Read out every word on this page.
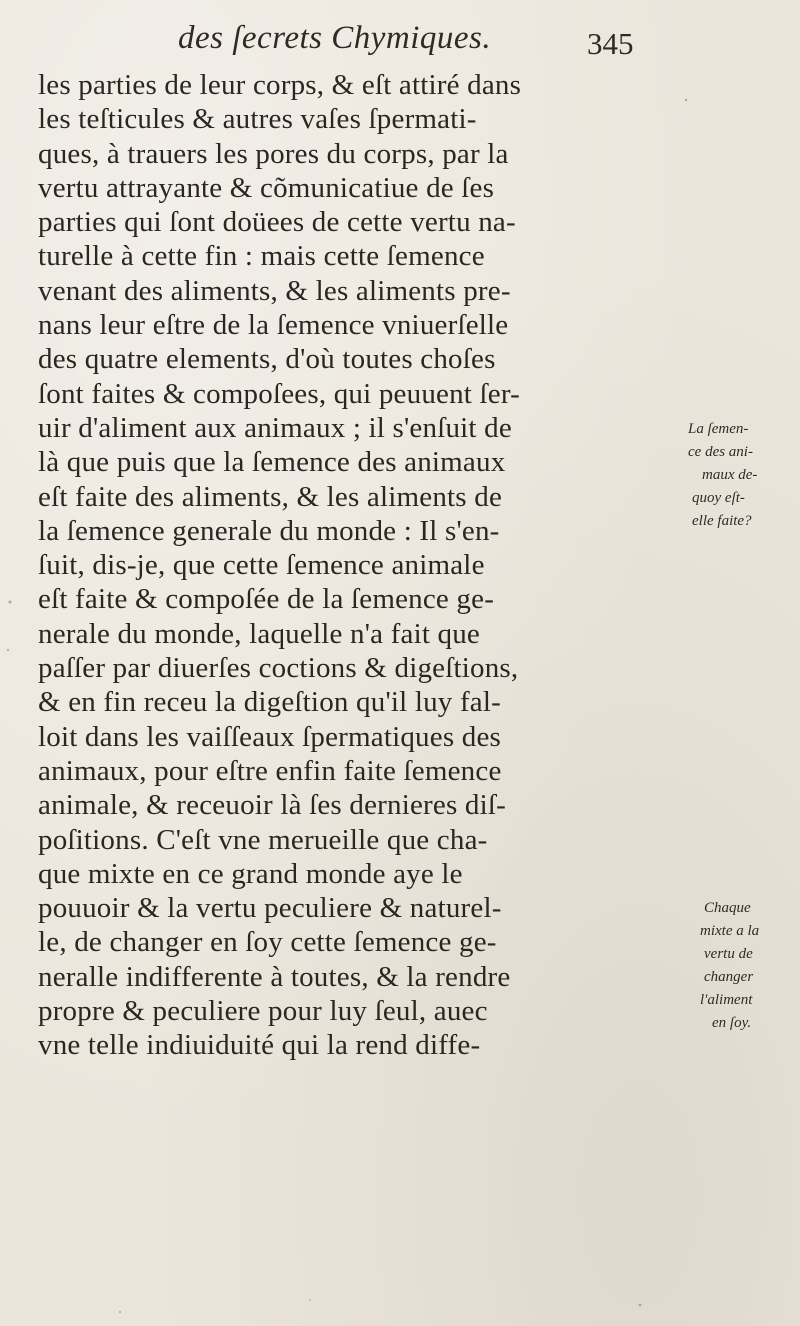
des ſecrets Chymiques.	345
les parties de leur corps, & eſt attiré dans
les teſticules & autres vaſes ſpermati-
ques, à trauers les pores du corps, par la
vertu attrayante & cõmunicatiue de ſes
parties qui ſont doüees de cette vertu na-
turelle à cette fin : mais cette ſemence
venant des aliments, & les aliments pre-
nans leur eſtre de la ſemence vniuerſelle
des quatre elements, d'où toutes choſes
ſont faites & compoſees, qui peuuent ſer-
uir d'aliment aux animaux ; il s'enſuit de
là que puis que la ſemence des animaux
eſt faite des aliments, & les aliments de
la ſemence generale du monde : Il s'en-
ſuit, dis-je, que cette ſemence animale
eſt faite & compoſée de la ſemence ge-
nerale du monde, laquelle n'a fait que
paſſer par diuerſes coctions & digeſtions,
& en fin receu la digeſtion qu'il luy fal-
loit dans les vaiſſeaux ſpermatiques des
animaux, pour eſtre enfin faite ſemence
animale, & receuoir là ſes dernieres diſ-
poſitions. C'eſt vne merueille que cha-
que mixte en ce grand monde aye le
pouuoir & la vertu peculiere & naturel-
le, de changer en ſoy cette ſemence ge-
neralle indifferente à toutes, & la rendre
propre & peculiere pour luy ſeul, auec
vne telle indiuiduité qui la rend diffe-
La ſemen-
ce des ani-
maux de-
quoy eſt-
elle faite?
Chaque
mixte a la
vertu de
changer
l'aliment
en ſoy.
